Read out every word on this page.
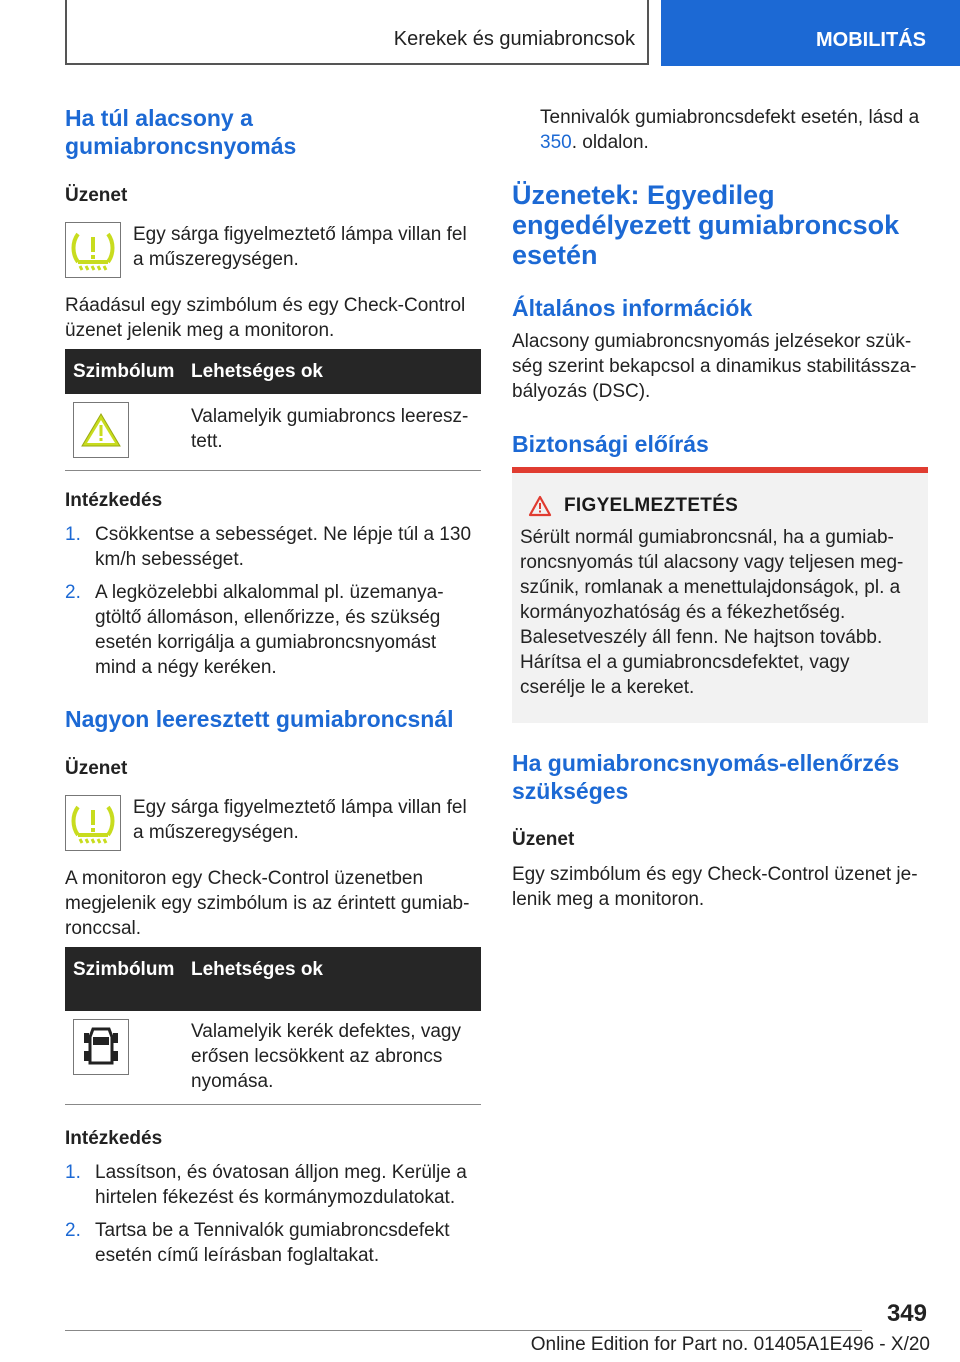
Kerekek és gumiabroncsok	MOBILITÁS
Ha túl alacsony a gumiabroncsnyomás
Üzenet
Egy sárga figyelmeztető lámpa villan fel a műszeregységen.
Ráadásul egy szimbólum és egy Check-Control üzenet jelenik meg a monitoron.
Szimbólum	Lehetséges ok

	Valamelyik gumiabroncs leeresztett.
Intézkedés
1. Csökkentse a sebességet. Ne lépje túl a 130 km/h sebességet.
2. A legközelebbi alkalommal pl. üzemanyagtöltő állomáson, ellenőrizze, és szükség esetén korrigálja a gumiabroncsnyomást mind a négy keréken.
Nagyon leeresztett gumiabroncsnál
Üzenet
Egy sárga figyelmeztető lámpa villan fel a műszeregységen.
A monitoron egy Check-Control üzenetben megjelenik egy szimbólum is az érintett gumiabronccsal.
Szimbólum	Lehetséges ok

	Valamelyik kerék defektes, vagy erősen lecsökkent az abroncs nyomása.
Intézkedés
1. Lassítson, és óvatosan álljon meg. Kerülje a hirtelen fékezést és kormánymozdulatokat.
2. Tartsa be a Tennivalók gumiabroncsdefekt esetén című leírásban foglaltakat.
Tennivalók gumiabroncsdefekt esetén, lásd a 350. oldalon.
Üzenetek: Egyedileg engedélyezett gumiabroncsok esetén
Általános információk
Alacsony gumiabroncsnyomás jelzésekor szükség szerint bekapcsol a dinamikus stabilitásszabályozás (DSC).
Biztonsági előírás
FIGYELMEZTETÉS
Sérült normál gumiabroncsnál, ha a gumiabroncsnyomás túl alacsony vagy teljesen megszűnik, romlanak a menettulajdonságok, pl. a kormányozhatóság és a fékezhetőség. Balesetveszély áll fenn. Ne hajtson tovább. Hárítsa el a gumiabroncsdefektet, vagy cserélje le a kereket.
Ha gumiabroncsnyomás-ellenőrzés szükséges
Üzenet
Egy szimbólum és egy Check-Control üzenet jelenik meg a monitoron.
349
Online Edition for Part no. 01405A1E496 - X/20
